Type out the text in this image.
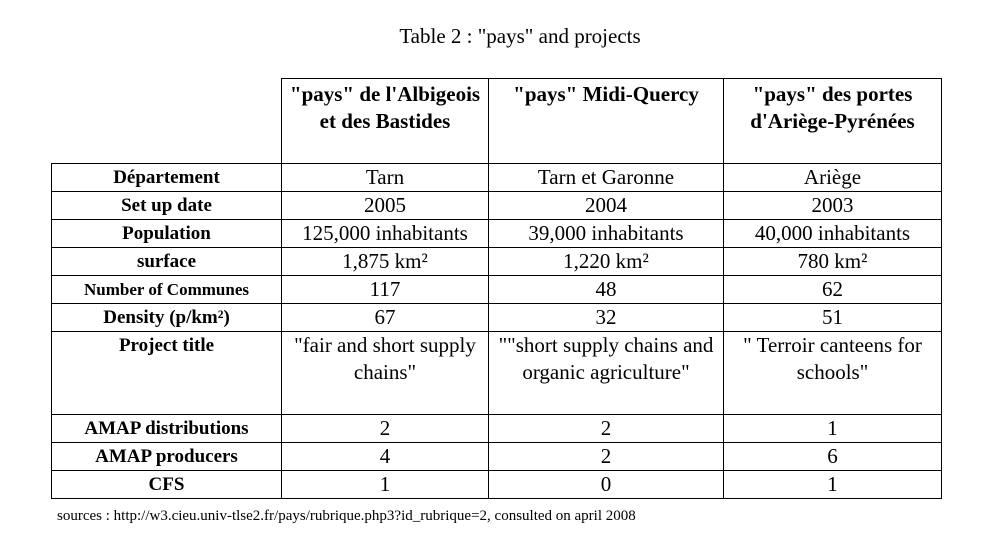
Table 2 : "pays" and projects
	"pays" de l'Albigeois et des Bastides	"pays" Midi-Quercy	"pays" des portes d'Ariège-Pyrénées
Département	Tarn	Tarn et Garonne	Ariège
Set up date	2005	2004	2003
Population	125,000 inhabitants	39,000 inhabitants	40,000 inhabitants
surface	1,875 km²	1,220 km²	780 km²
Number of Communes	117	48	62
Density (p/km²)	67	32	51
Project title	"fair and short supply chains"	""short supply chains and organic agriculture"	" Terroir canteens for schools"
AMAP distributions	2	2	1
AMAP producers	4	2	6
CFS	1	0	1
sources : http://w3.cieu.univ-tlse2.fr/pays/rubrique.php3?id_rubrique=2, consulted on april 2008
